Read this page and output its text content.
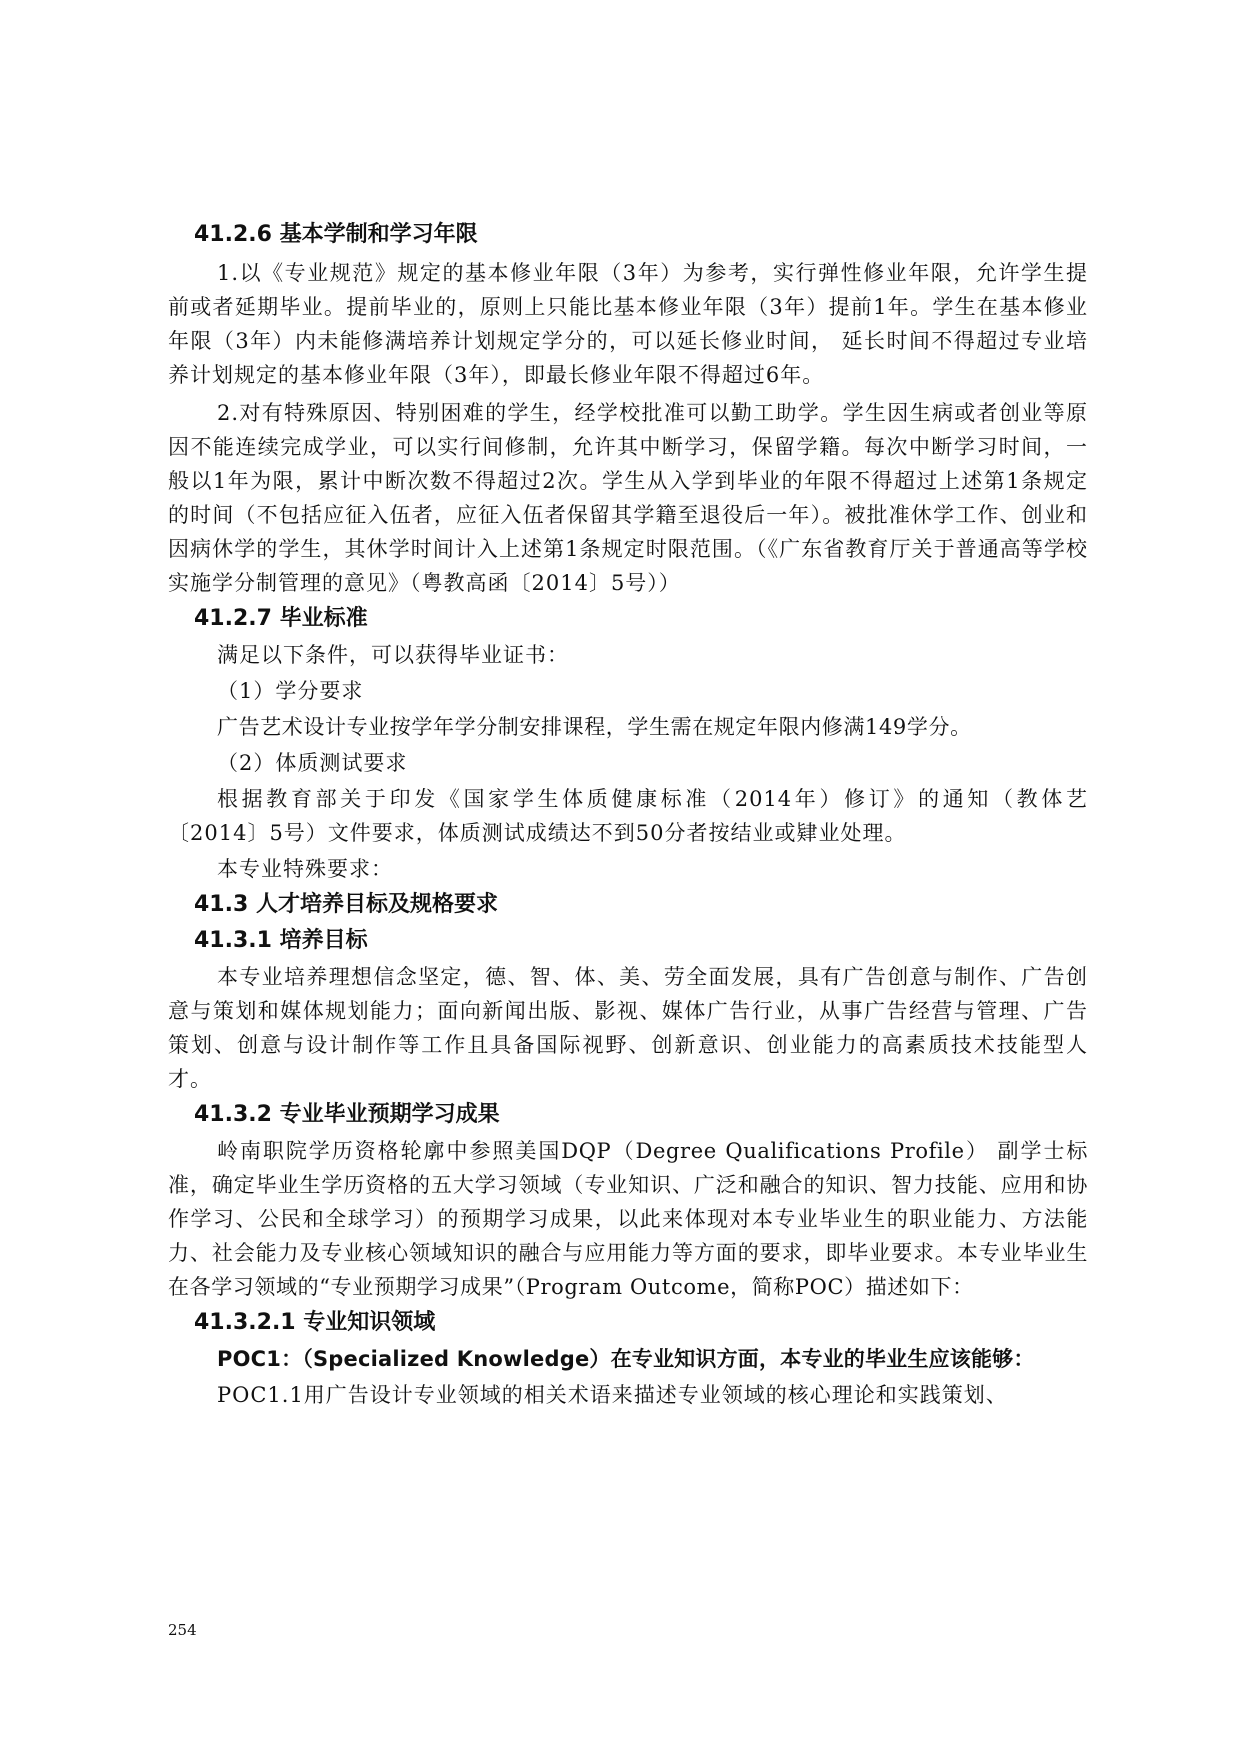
41.2.6 基本学制和学习年限

1.以《专业规范》规定的基本修业年限（3年）为参考，实行弹性修业年限，允许学生提前或者延期毕业。提前毕业的，原则上只能比基本修业年限（3年）提前1年。学生在基本修业年限（3年）内未能修满培养计划规定学分的，可以延长修业时间， 延长时间不得超过专业培养计划规定的基本修业年限（3年），即最长修业年限不得超过6年。

2.对有特殊原因、特别困难的学生，经学校批准可以勤工助学。学生因生病或者创业等原因不能连续完成学业，可以实行间修制，允许其中断学习，保留学籍。每次中断学习时间，一般以1年为限，累计中断次数不得超过2次。学生从入学到毕业的年限不得超过上述第1条规定的时间（不包括应征入伍者，应征入伍者保留其学籍至退役后一年）。被批准休学工作、创业和因病休学的学生，其休学时间计入上述第1条规定时限范围。（《广东省教育厅关于普通高等学校实施学分制管理的意见》（粤教高函〔2014〕5号））

41.2.7 毕业标准

满足以下条件，可以获得毕业证书：

（1）学分要求

广告艺术设计专业按学年学分制安排课程，学生需在规定年限内修满149学分。

（2）体质测试要求

根据教育部关于印发《国家学生体质健康标准（2014年）修订》的通知（教体艺〔2014〕5号）文件要求，体质测试成绩达不到50分者按结业或肄业处理。

本专业特殊要求：

41.3 人才培养目标及规格要求
41.3.1 培养目标

本专业培养理想信念坚定，德、智、体、美、劳全面发展，具有广告创意与制作、广告创意与策划和媒体规划能力；面向新闻出版、影视、媒体广告行业，从事广告经营与管理、广告策划、创意与设计制作等工作且具备国际视野、创新意识、创业能力的高素质技术技能型人才。

41.3.2 专业毕业预期学习成果

岭南职院学历资格轮廓中参照美国DQP（Degree Qualifications Profile） 副学士标准，确定毕业生学历资格的五大学习领域（专业知识、广泛和融合的知识、智力技能、应用和协作学习、公民和全球学习）的预期学习成果，以此来体现对本专业毕业生的职业能力、方法能力、社会能力及专业核心领域知识的融合与应用能力等方面的要求，即毕业要求。本专业毕业生在各学习领域的“专业预期学习成果”（Program Outcome，简称POC）描述如下：

41.3.2.1 专业知识领域
POC1：（Specialized Knowledge）在专业知识方面，本专业的毕业生应该能够：

POC1.1用广告设计专业领域的相关术语来描述专业领域的核心理论和实践策划、

254
